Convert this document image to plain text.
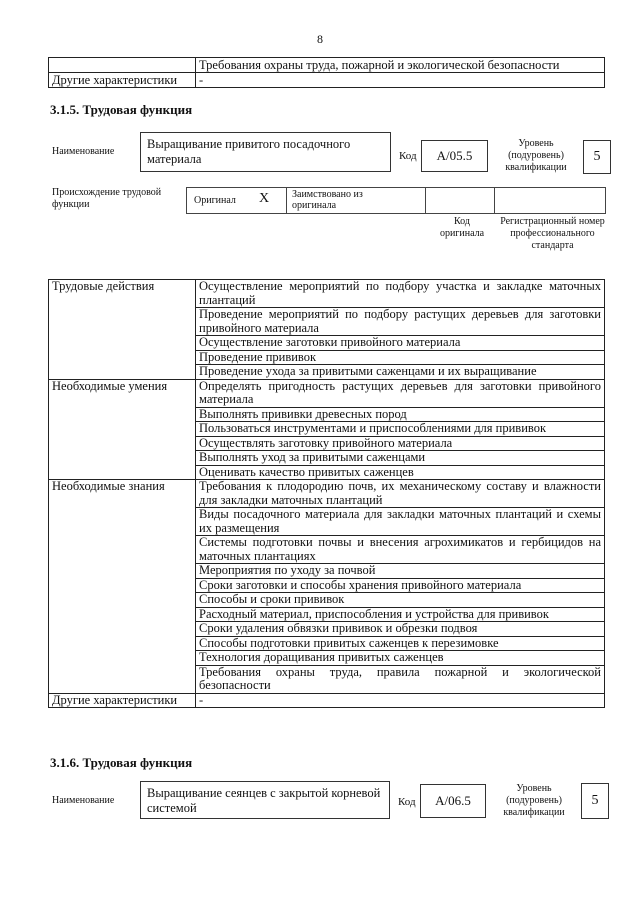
8
	Требования охраны труда, пожарной и экологической безопасности
Другие характеристики	-
3.1.5. Трудовая функция
Наименование
Выращивание привитого посадочного материала	Код	A/05.5
Уровень (подуровень) квалификации
5
Происхождение трудовой функции	Оригинал X Заимствовано из оригинала
Код оригинала
Регистрационный номер профессионального стандарта
Трудовые действия	Осуществление мероприятий по подбору участка и закладке маточных плантаций
	Проведение мероприятий по подбору растущих деревьев для заготовки привойного материала
	Осуществление заготовки привойного материала
	Проведение прививок
	Проведение ухода за привитыми саженцами и их выращивание
Необходимые умения	Определять пригодность растущих деревьев для заготовки привойного материала
	Выполнять прививки древесных пород
	Пользоваться инструментами и приспособлениями для прививок
	Осуществлять заготовку привойного материала
	Выполнять уход за привитыми саженцами
	Оценивать качество привитых саженцев
Необходимые знания	Требования к плодородию почв, их механическому составу и влажности для закладки маточных плантаций
	Виды посадочного материала для закладки маточных плантаций и схемы их размещения
	Системы подготовки почвы и внесения агрохимикатов и гербицидов на маточных плантациях
	Мероприятия по уходу за почвой
	Сроки заготовки и способы хранения привойного материала
	Способы и сроки прививок
	Расходный материал, приспособления и устройства для прививок
	Сроки удаления обвязки прививок и обрезки подвоя
	Способы подготовки привитых саженцев к перезимовке
	Технология доращивания привитых саженцев
	Требования охраны труда, правила пожарной и экологической безопасности
Другие характеристики	-
3.1.6. Трудовая функция
Наименование
Выращивание сеянцев с закрытой корневой системой	Код	A/06.5
Уровень (подуровень) квалификации
5
